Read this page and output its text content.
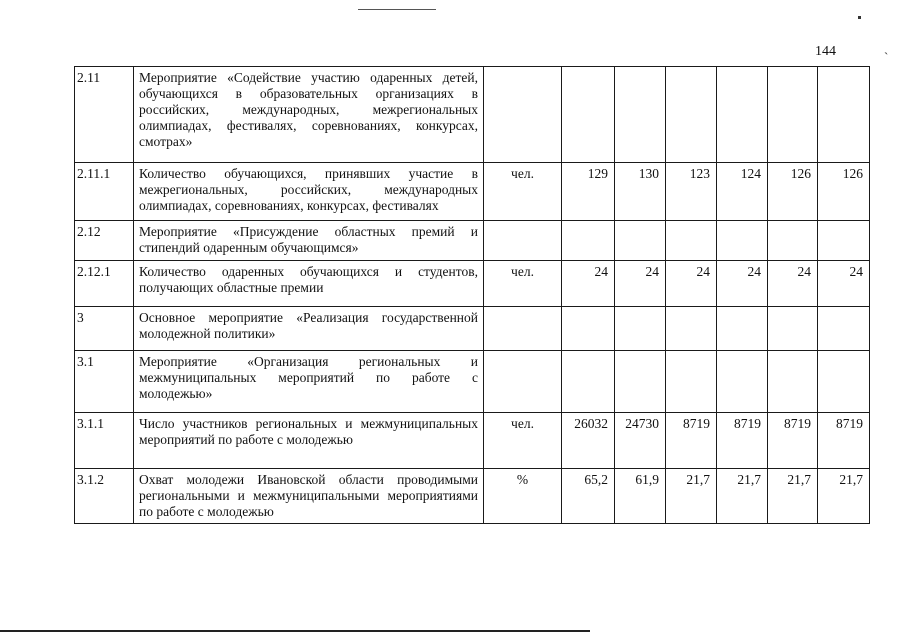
ˏ
144
2.11	Мероприятие «Содействие участию одаренных детей, обучающихся в образовательных организациях в российских, международных, межрегиональных олимпиадах, фестивалях, соревнованиях, конкурсах, смотрах»							
2.11.1	Количество обучающихся, принявших участие в межрегиональных, российских, международных олимпиадах, соревнованиях, конкурсах, фестивалях	чел.	129	130	123	124	126	126
2.12	Мероприятие «Присуждение областных премий и стипендий одаренным обучающимся»							
2.12.1	Количество одаренных обучающихся и студентов, получающих областные премии	чел.	24	24	24	24	24	24
3	Основное мероприятие «Реализация государственной молодежной политики»							
3.1	Мероприятие «Организация региональных и межмуниципальных мероприятий по работе с молодежью»							
3.1.1	Число участников региональных и межмуниципальных мероприятий по работе с молодежью	чел.	26032	24730	8719	8719	8719	8719
3.1.2	Охват молодежи Ивановской области проводимыми региональными и межмуниципальными мероприятиями по работе с молодежью	%	65,2	61,9	21,7	21,7	21,7	21,7
